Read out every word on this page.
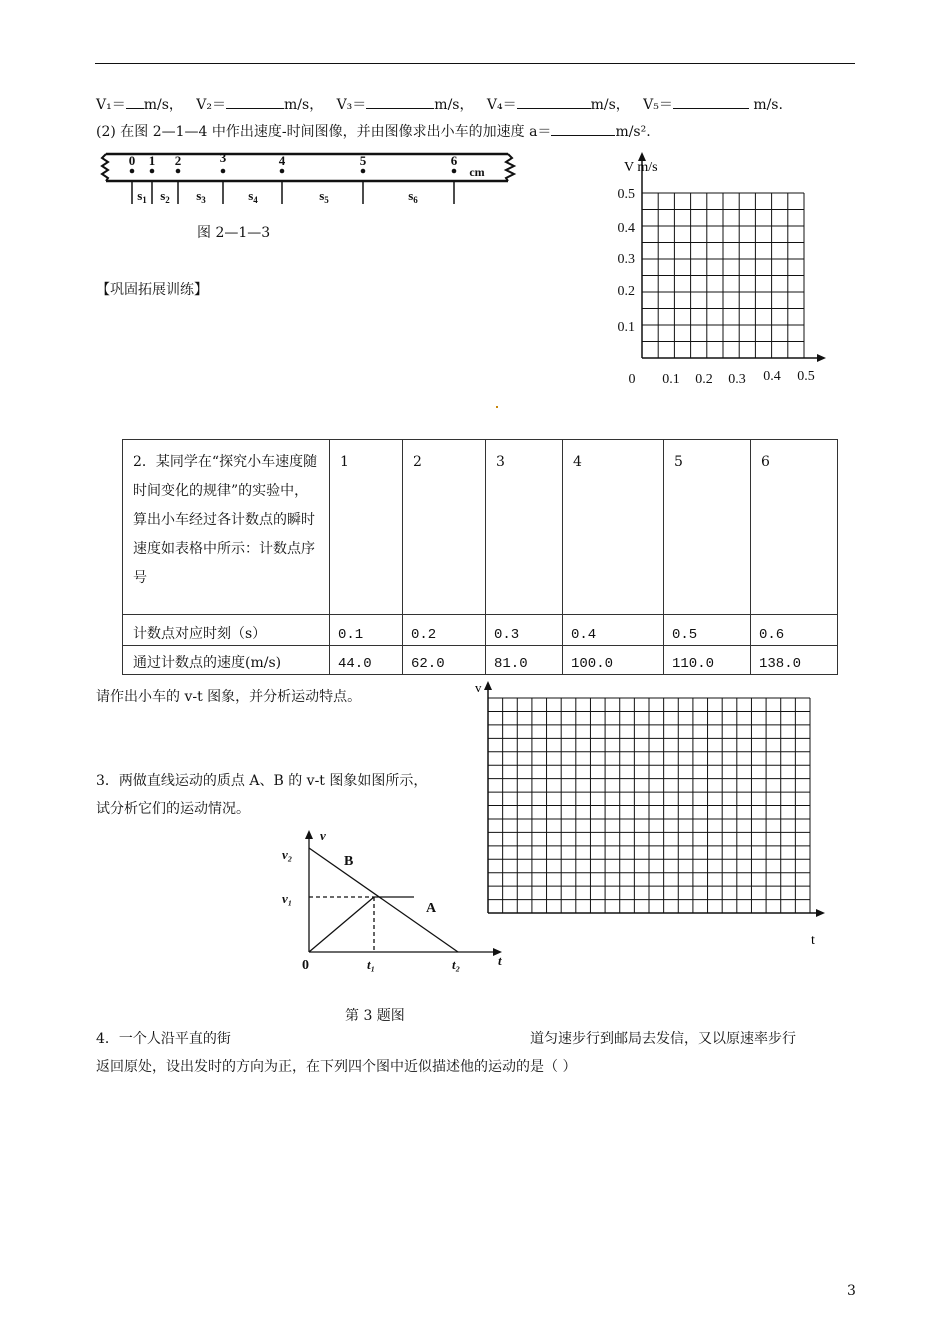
V₁＝ m/s， V₂＝	m/s， V₃＝	m/s， V₄＝	m/s， V₅＝	m/s.
(2) 在图 2—1—4 中作出速度-时间图像，并由图像求出小车的加速度 a＝	m/s².
0 1 2	3	4	5	6
cm
$s_1$ $s_2$ $s_3$	$s_4$	$s_5$	$s_6$
图 2—1—3
V m/s
0.5
0.4
0.3
0.2
0.1
0 0.1 0.2 0.3 0.4 0.5
【巩固拓展训练】
2．某同学在“探究小车速度随时间变化的规律”的实验中，算出小车经过各计数点的瞬时速度如表格中所示：计数点序号	1	2	3	4	5	6
计数点对应时刻（s）	0.1	0.2	0.3	0.4	0.5	0.6
通过计数点的速度(m/s)	44.0	62.0	81.0	100.0	110.0	138.0
请作出小车的 v-t 图象，并分析运动特点。
v
t
3．两做直线运动的质点 A、B 的 v-t 图象如图所示，
试分析它们的运动情况。
v
t
v₂
v₁
t₁	t₂
0
B
A
第 3 题图
4．一个人沿平直的街	道匀速步行到邮局去发信，又以原速率步行
返回原处，设出发时的方向为正，在下列四个图中近似描述他的运动的是（ ）
3
